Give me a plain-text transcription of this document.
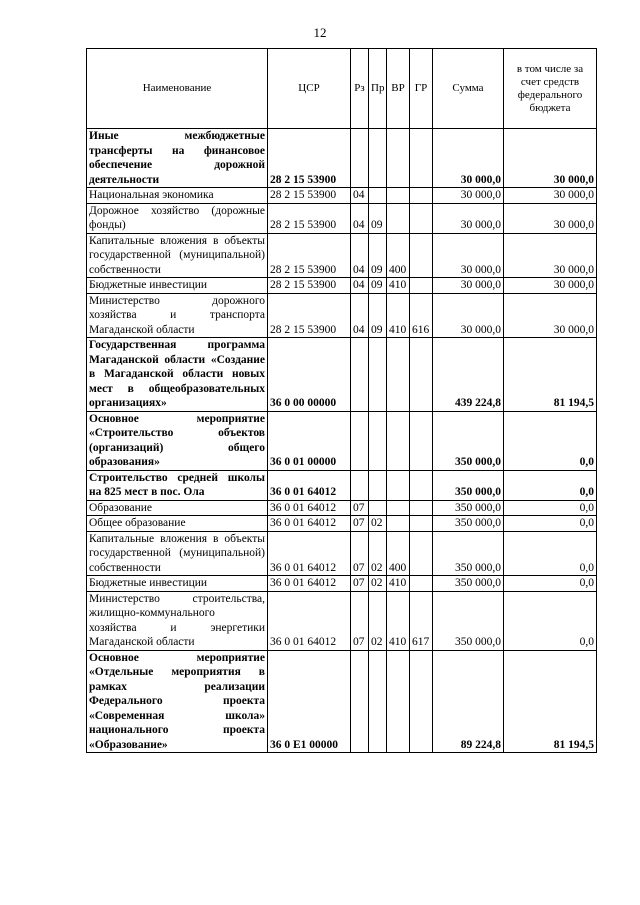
12
Наименование	ЦСР	Рз	Пр	ВР	ГР	Сумма	в том числе за счет средств федерального бюджета
Иные межбюджетные трансферты на финансовое обеспечение дорожной деятельности	28 2 15 53900					30 000,0	30 000,0
Национальная экономика	28 2 15 53900	04				30 000,0	30 000,0
Дорожное хозяйство (дорожные фонды)	28 2 15 53900	04	09			30 000,0	30 000,0
Капитальные вложения в объекты государственной (муниципальной) собственности	28 2 15 53900	04	09	400		30 000,0	30 000,0
Бюджетные инвестиции	28 2 15 53900	04	09	410		30 000,0	30 000,0
Министерство дорожного хозяйства и транспорта Магаданской области	28 2 15 53900	04	09	410	616	30 000,0	30 000,0
Государственная программа Магаданской области «Создание в Магаданской области новых мест в общеобразовательных организациях»	36 0 00 00000					439 224,8	81 194,5
Основное мероприятие «Строительство объектов (организаций) общего образования»	36 0 01 00000					350 000,0	0,0
Строительство средней школы на 825 мест в пос. Ола	36 0 01 64012					350 000,0	0,0
Образование	36 0 01 64012	07				350 000,0	0,0
Общее образование	36 0 01 64012	07	02			350 000,0	0,0
Капитальные вложения в объекты государственной (муниципальной) собственности	36 0 01 64012	07	02	400		350 000,0	0,0
Бюджетные инвестиции	36 0 01 64012	07	02	410		350 000,0	0,0
Министерство строительства, жилищно-коммунального хозяйства и энергетики Магаданской области	36 0 01 64012	07	02	410	617	350 000,0	0,0
Основное мероприятие «Отдельные мероприятия в рамках реализации Федерального проекта «Современная школа» национального проекта «Образование»	36 0 E1 00000					89 224,8	81 194,5
